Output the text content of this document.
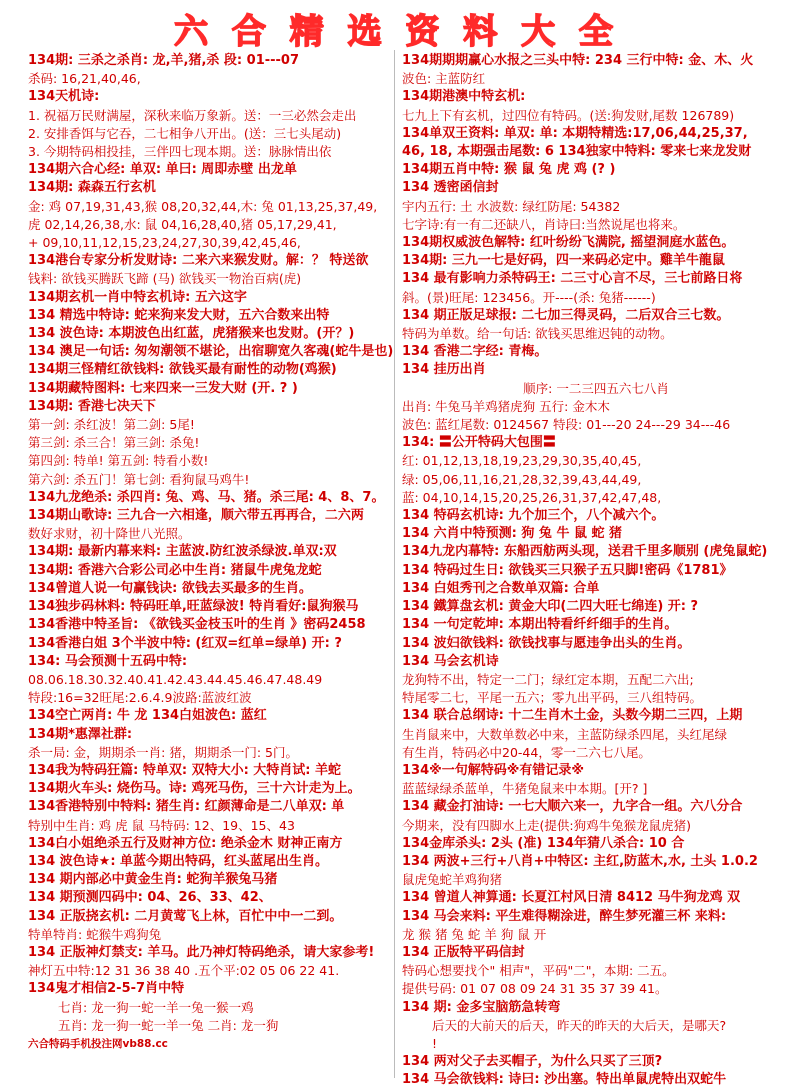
六 合 精 选 资 料 大 全
134期: 三杀之杀肖: 龙,羊,猪,杀 段: 01---07
杀码: 16,21,40,46,
134天机诗:
1. 祝福万民财满屋，深秋来临万象新。送：一三必然会走出
2. 安排香饵与它吞，二七相争八开出。(送：三七头尾动)
3. 今期特码相投挂，三伴四七现本期。送：脉脉情出依
134期六合心经: 单双: 单曰: 周即赤壁 出龙单
134期: 森森五行玄机
金: 鸡 07,19,31,43,猴 08,20,32,44,木: 兔 01,13,25,37,49,
虎 02,14,26,38,水: 鼠 04,16,28,40,猪 05,17,29,41,
+ 09,10,11,12,15,23,24,27,30,39,42,45,46,
134港台专家分析发财诗: 二来六来猴发财。解：？ 特送欲
钱料: 欲钱买腾跃飞蹄 (马) 欲钱买一物治百病(虎)
134期玄机一肖中特玄机诗: 五六这字
134 精选中特诗: 蛇来狗来发大财，五六合数来出特
134 波色诗: 本期波色出红蓝，虎猪猴来也发财。(开？)
134 澳足一句话: 匆匆潮领不堪论，出宿聊宽久客魂(蛇牛是也)
134期三怪精红欲钱料: 欲钱买最有耐性的动物(鸡猴)
134期藏特图料: 七来四来一三发大财 (开. ? )
134期: 香港七决天下
第一剑: 杀红波！第二剑: 5尾!
第三剑: 杀三合！第三剑: 杀兔!
第四剑: 特单! 第五剑: 特看小数!
第六剑: 杀五门！第七剑: 看狗鼠马鸡牛!
134九龙绝杀: 杀四肖: 兔、鸡、马、猪。杀三尾: 4、8、7。
134期山歌诗: 三九合一六相逢，顺六带五再再合，二六两
数好求财，初十降世八光照。
134期: 最新内幕来料: 主蓝波.防红波杀绿波.单双:双
134期: 香港六合彩公司必中生肖: 猪鼠牛虎兔龙蛇
134曾道人说一句赢钱诀: 欲钱去买最多的生肖。
134独步码林料: 特码旺单,旺蓝绿波! 特肖看好:鼠狗猴马
134香港中特圣旨: 《欲钱买金枝玉叶的生肖 》密码2458
134香港白姐 3个半波中特: (红双=红单=绿单) 开: ?
134: 马会预测十五码中特:
08.06.18.30.32.40.41.42.43.44.45.46.47.48.49
特段:16=32旺尾:2.6.4.9波路:蓝波红波
134空亡两肖: 牛 龙 134白姐波色: 蓝红
134期*惠澤社群:
杀一局: 金，期期杀一肖: 猪，期期杀一门: 5门。
134我为特码狂篇: 特单双: 双特大小: 大特肖试: 羊蛇
134期火车头: 烧伤马。诗: 鸡死马伤，三十六计走为上。
134香港特别中特料: 猪生肖: 红颜薄命是二八单双: 单
特别中生肖: 鸡 虎 鼠 马特码: 12、19、15、43
134白小姐绝杀五行及财神方位: 绝杀金木 财神正南方
134 波色诗★: 单蓝今期出特码，红头蓝尾出生肖。
134 期内部必中黄金生肖: 蛇狗羊猴兔马猪
134 期预测四码中: 04、26、33、42、
134 正版挠玄机: 二月黄莺飞上林，百忙中中一二到。
特单特肖: 蛇猴牛鸡狗兔
134 正版神灯禁支: 羊马。此乃神灯特码绝杀，请大家参考!
神灯五中特:12 31 36 38 40 .五个平:02 05 06 22 41.
134鬼才相信2-5-7肖中特
七肖: 龙一狗一蛇一羊一兔一猴一鸡
五肖: 龙一狗一蛇一羊一兔 二肖: 龙一狗
六合特码手机投注网vb88.cc
134期期期赢心水报之三头中特: 234 三行中特: 金、木、火
波色: 主蓝防红
134期港澳中特玄机:
七九上下有玄机，过四位有特码。(送:狗发财,尾数 126789)
134单双王资料: 单双: 单: 本期特精选:17,06,44,25,37,
46, 18, 本期强击尾数: 6 134独家中特料: 零来七来龙发财
134期五肖中特: 猴 鼠 兔 虎 鸡 (? )
134 透密函信封
宇内五行: 土 水波数: 绿红防尾: 54382
七字诗:有一有二还缺八，肖诗曰:当然说尾也将来。
134期权威波色解特: 红叶纷纷飞满院, 摇望洞庭水蓝色。
134期: 三九一七是好码，四一来码必定中。雞羊牛龍鼠
134 最有影响力杀特码王: 二三寸心言不尽，三七前路日将
斜。(景)旺尾: 123456。开----(杀: 兔猪------)
134 期正版足球报: 二七加三得灵码，二后双合三七数。
特码为单数。给一句话: 欲钱买思维迟钝的动物。
134 香港二字经: 青梅。
134 挂历出肖
顺序: 一二三四五六七八肖
出肖: 牛兔马羊鸡猪虎狗 五行: 金木木
波色: 蓝红尾数: 0124567 特段: 01---20 24---29 34---46
134: 〓公开特码大包围〓
红: 01,12,13,18,19,23,29,30,35,40,45,
绿: 05,06,11,16,21,28,32,39,43,44,49,
蓝: 04,10,14,15,20,25,26,31,37,42,47,48,
134 特码玄机诗: 九个加三个，八个减六个。
134 六肖中特预测: 狗 兔 牛 鼠 蛇 猪
134九龙内幕特: 东船西舫两头现，送君千里多顺别 (虎兔鼠蛇)
134 特码过生日: 欲钱买三只猴子五只脚!密码《1781》
134 白姐秀刊之合数单双篇: 合单
134 鐵算盘玄机: 黄金大印(二四大旺七绵连) 开: ?
134 一句定乾坤: 本期出特看纤纤细手的生肖。
134 波妇欲钱料: 欲钱找事与愿违争出头的生肖。
134 马会玄机诗
龙狗特不出，特定一二门；绿红定本期，五配二六出;
特尾零二七，平尾一五六；零九出平码，三八组特码。
134 联合总纲诗: 十二生肖木土金，头数今期二三四，上期
生肖鼠来中，大数单数必中来，主蓝防绿杀四尾，头红尾绿
有生肖，特码必中20-44，零一二六七八尾。
134※一句解特码※有错记录※
蓝蓝绿绿杀蓝单，牛猪兔鼠来中本期。[开? ]
134 藏金打油诗: 一七大顺六来一，九字合一组。六八分合
今期来，没有四脚水上走(提供:狗鸡牛兔猴龙鼠虎猪)
134金库杀头: 2头 (准) 134年猜八杀合: 10 合
134 两波+三行+八肖+中特区: 主红,防蓝木,水, 土头 1.0.2
鼠虎兔蛇羊鸡狗猪
134 曾道人神算通: 长夏江村风日清 8412 马牛狗龙鸡 双
134 马会来料: 平生难得糊涂进，醉生梦死灌三杯 来料:
龙 猴 猪 兔 蛇 羊 狗 鼠 开
134 正版特平码信封
特码心想要找个" 相声"，平码"二"，本期: 二五。
提供号码: 01 07 08 09 24 31 35 37 39 41。
134 期: 金多宝脑筋急转弯
后天的大前天的后天，昨天的昨天的大后天，是哪天?
!
134 两对父子去买帽子，为什么只买了三顶?
134 马会欲钱料: 诗曰: 沙出塞。特出单鼠虎特出双蛇牛
